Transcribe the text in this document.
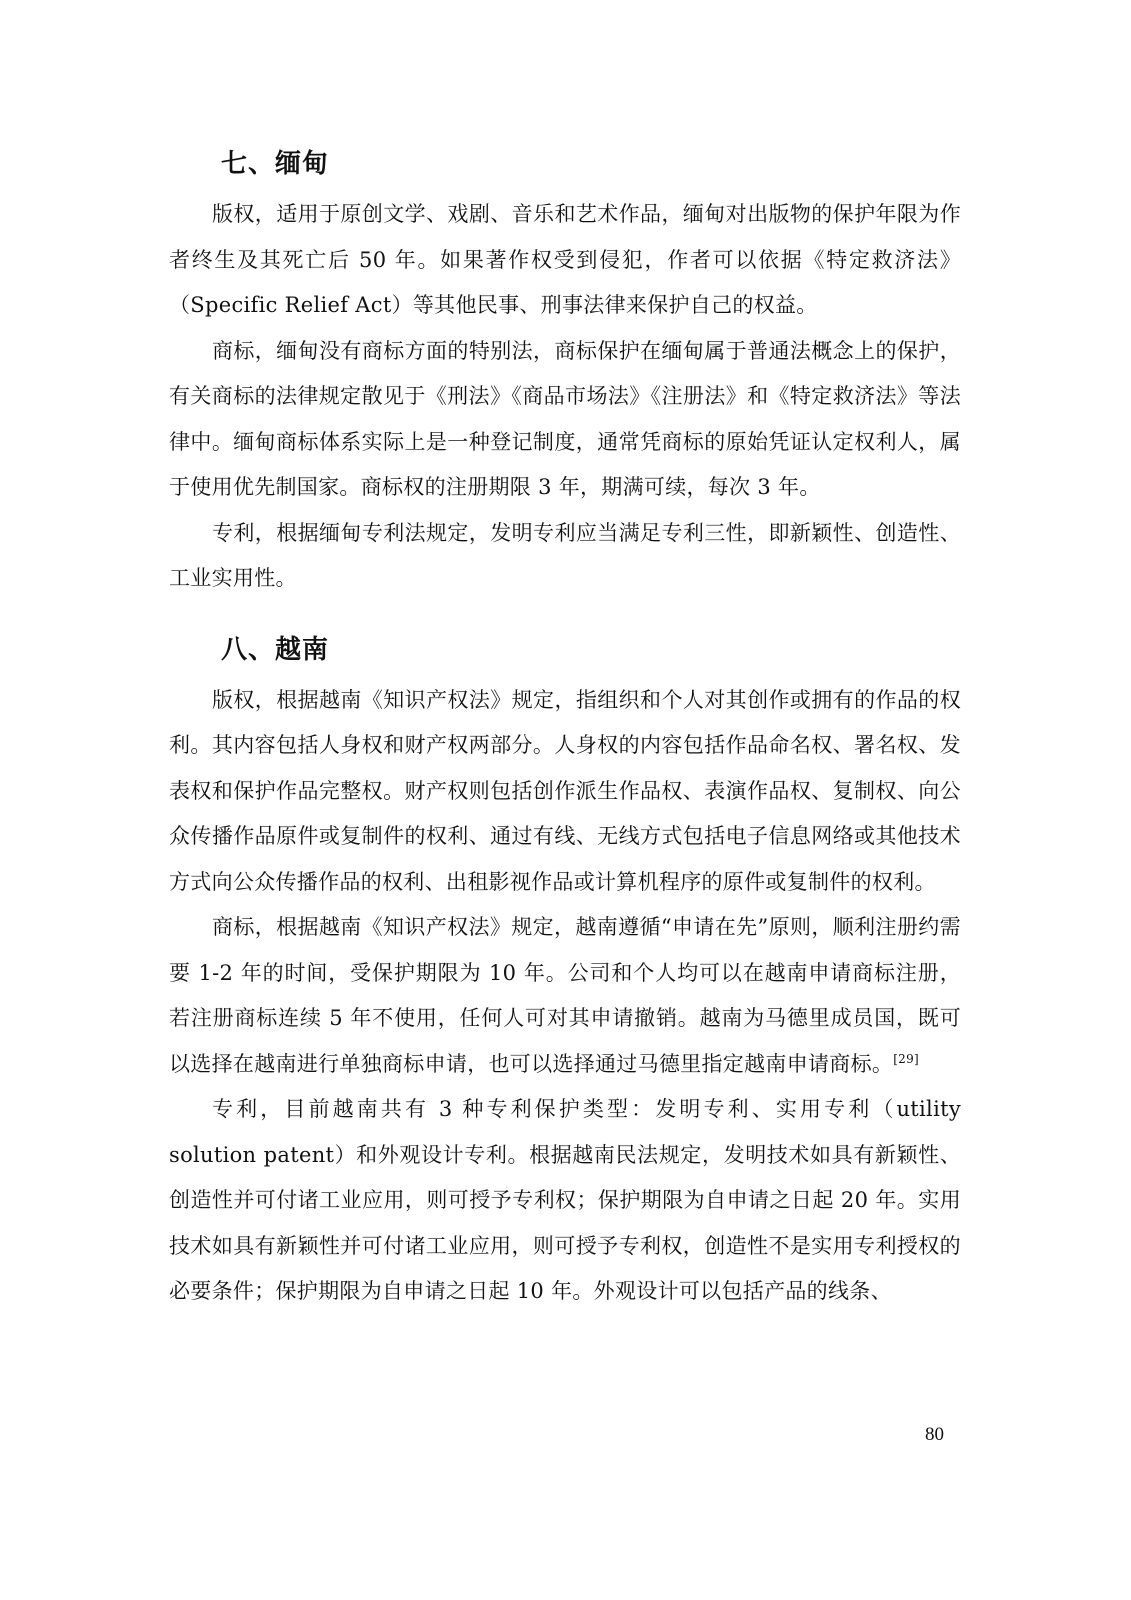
七、缅甸

版权，适用于原创文学、戏剧、音乐和艺术作品，缅甸对出版物的保护年限为作者终生及其死亡后 50 年。如果著作权受到侵犯，作者可以依据《特定救济法》（Specific Relief Act）等其他民事、刑事法律来保护自己的权益。

商标，缅甸没有商标方面的特别法，商标保护在缅甸属于普通法概念上的保护，有关商标的法律规定散见于《刑法》《商品市场法》《注册法》和《特定救济法》等法律中。缅甸商标体系实际上是一种登记制度，通常凭商标的原始凭证认定权利人，属于使用优先制国家。商标权的注册期限 3 年，期满可续，每次 3 年。

专利，根据缅甸专利法规定，发明专利应当满足专利三性，即新颖性、创造性、工业实用性。

八、越南

版权，根据越南《知识产权法》规定，指组织和个人对其创作或拥有的作品的权利。其内容包括人身权和财产权两部分。人身权的内容包括作品命名权、署名权、发表权和保护作品完整权。财产权则包括创作派生作品权、表演作品权、复制权、向公众传播作品原件或复制件的权利、通过有线、无线方式包括电子信息网络或其他技术方式向公众传播作品的权利、出租影视作品或计算机程序的原件或复制件的权利。

商标，根据越南《知识产权法》规定，越南遵循“申请在先”原则，顺利注册约需要 1-2 年的时间，受保护期限为 10 年。公司和个人均可以在越南申请商标注册，若注册商标连续 5 年不使用，任何人可对其申请撤销。越南为马德里成员国，既可以选择在越南进行单独商标申请，也可以选择通过马德里指定越南申请商标。[29]

专利，目前越南共有 3 种专利保护类型：发明专利、实用专利（utility solution patent）和外观设计专利。根据越南民法规定，发明技术如具有新颖性、创造性并可付诸工业应用，则可授予专利权；保护期限为自申请之日起 20 年。实用技术如具有新颖性并可付诸工业应用，则可授予专利权，创造性不是实用专利授权的必要条件；保护期限为自申请之日起 10 年。外观设计可以包括产品的线条、

80
